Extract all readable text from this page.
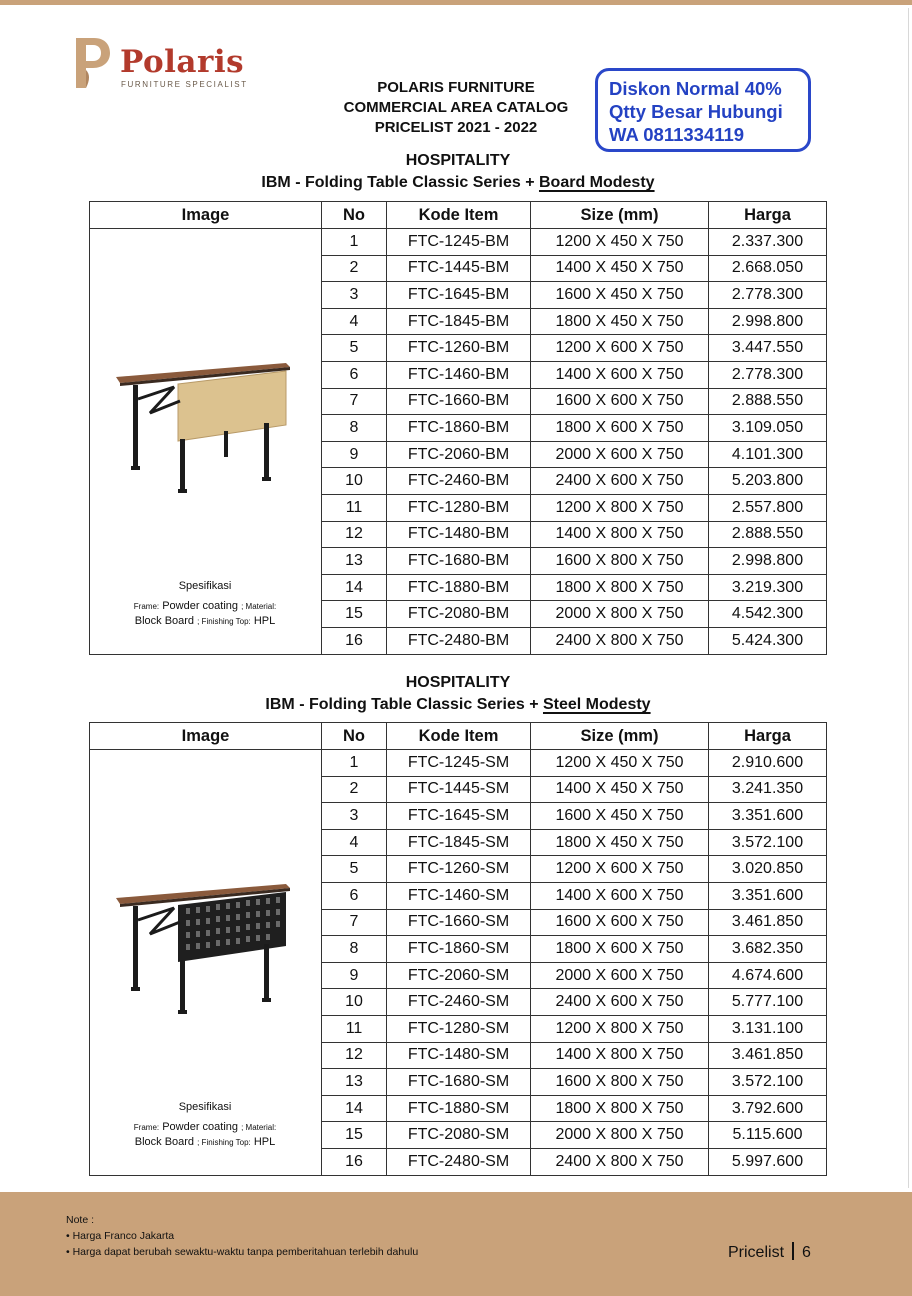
Polaris
FURNITURE SPECIALIST	POLARIS FURNITURE
COMMERCIAL AREA CATALOG
PRICELIST 2021 - 2022
Diskon Normal 40%
Qtty Besar Hubungi
WA 0811334119
HOSPITALITY
IBM - Folding Table Classic Series + Board Modesty
Image	No	Kode Item	Size (mm)	Harga

Spesifikasi
Frame: Powder coating ; Material:
Block Board ; Finishing Top: HPL	1	FTC-1245-BM	1200 X 450 X 750	2.337.300
	2	FTC-1445-BM	1400 X 450 X 750	2.668.050
	3	FTC-1645-BM	1600 X 450 X 750	2.778.300
	4	FTC-1845-BM	1800 X 450 X 750	2.998.800
	5	FTC-1260-BM	1200 X 600 X 750	3.447.550
	6	FTC-1460-BM	1400 X 600 X 750	2.778.300
	7	FTC-1660-BM	1600 X 600 X 750	2.888.550
	8	FTC-1860-BM	1800 X 600 X 750	3.109.050
	9	FTC-2060-BM	2000 X 600 X 750	4.101.300
	10	FTC-2460-BM	2400 X 600 X 750	5.203.800
	11	FTC-1280-BM	1200 X 800 X 750	2.557.800
	12	FTC-1480-BM	1400 X 800 X 750	2.888.550
	13	FTC-1680-BM	1600 X 800 X 750	2.998.800
	14	FTC-1880-BM	1800 X 800 X 750	3.219.300
	15	FTC-2080-BM	2000 X 800 X 750	4.542.300
	16	FTC-2480-BM	2400 X 800 X 750	5.424.300
HOSPITALITY
IBM - Folding Table Classic Series + Steel Modesty
Image	No	Kode Item	Size (mm)	Harga

Spesifikasi
Frame: Powder coating ; Material:
Block Board ; Finishing Top: HPL	1	FTC-1245-SM	1200 X 450 X 750	2.910.600
	2	FTC-1445-SM	1400 X 450 X 750	3.241.350
	3	FTC-1645-SM	1600 X 450 X 750	3.351.600
	4	FTC-1845-SM	1800 X 450 X 750	3.572.100
	5	FTC-1260-SM	1200 X 600 X 750	3.020.850
	6	FTC-1460-SM	1400 X 600 X 750	3.351.600
	7	FTC-1660-SM	1600 X 600 X 750	3.461.850
	8	FTC-1860-SM	1800 X 600 X 750	3.682.350
	9	FTC-2060-SM	2000 X 600 X 750	4.674.600
	10	FTC-2460-SM	2400 X 600 X 750	5.777.100
	11	FTC-1280-SM	1200 X 800 X 750	3.131.100
	12	FTC-1480-SM	1400 X 800 X 750	3.461.850
	13	FTC-1680-SM	1600 X 800 X 750	3.572.100
	14	FTC-1880-SM	1800 X 800 X 750	3.792.600
	15	FTC-2080-SM	2000 X 800 X 750	5.115.600
	16	FTC-2480-SM	2400 X 800 X 750	5.997.600
Note :
• Harga Franco Jakarta
• Harga dapat berubah sewaktu-waktu tanpa pemberitahuan terlebih dahulu	Pricelist 6
